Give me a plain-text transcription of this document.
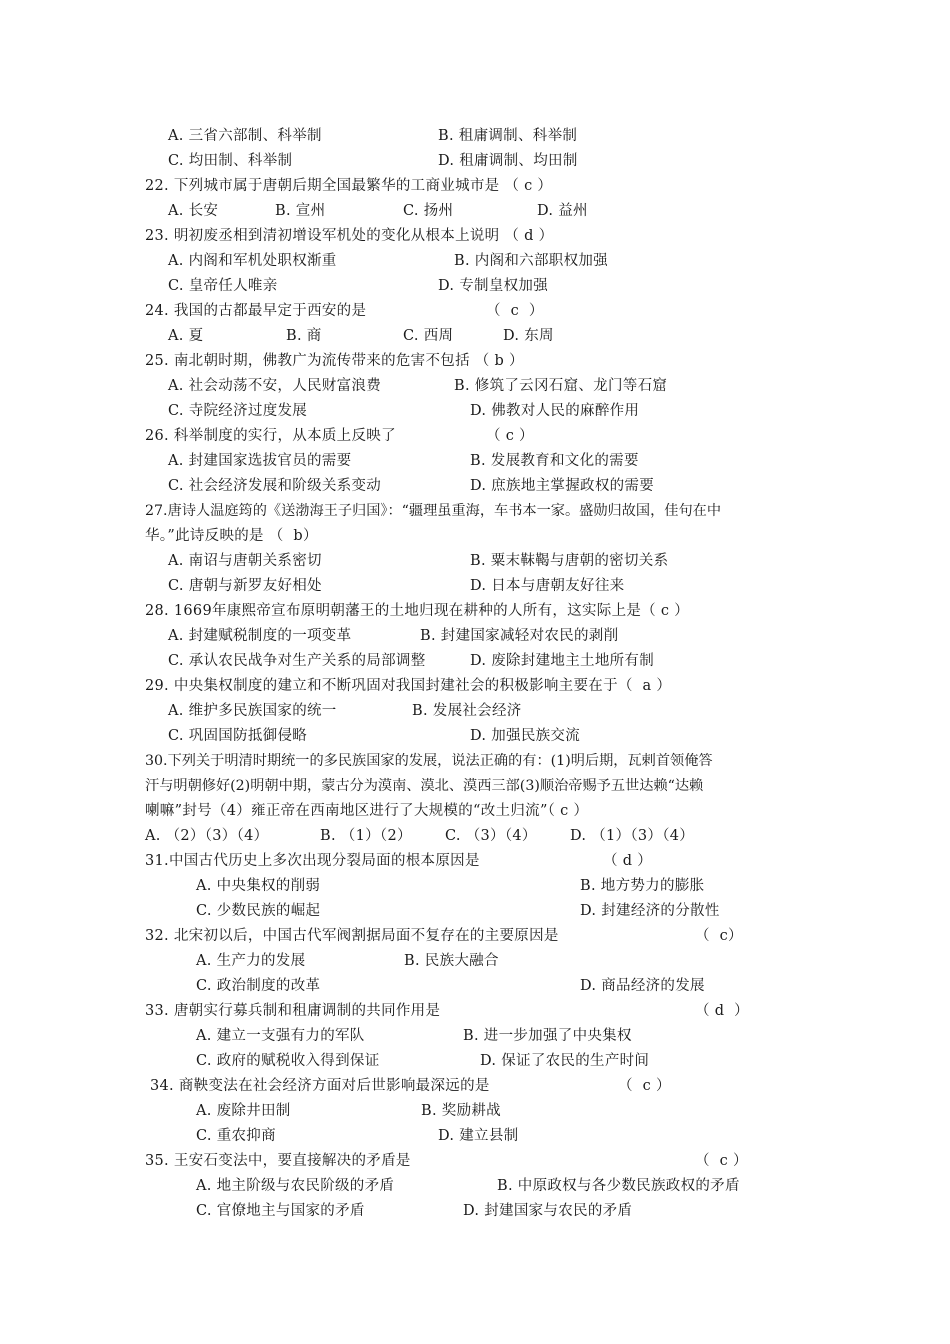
A. 三省六部制、科举制	B. 租庸调制、科举制
C. 均田制、科举制	D. 租庸调制、均田制
22. 下列城市属于唐朝后期全国最繁华的工商业城市是 （ c ）
A. 长安	B. 宣州	C. 扬州	D. 益州
23. 明初废丞相到清初增设军机处的变化从根本上说明 （ d ）
A. 内阁和军机处职权渐重	B. 内阁和六部职权加强
C. 皇帝任人唯亲	D. 专制皇权加强
24. 我国的古都最早定于西安的是	（  c  ）
A. 夏	B. 商	C. 西周	D. 东周
25. 南北朝时期，佛教广为流传带来的危害不包括 （ b ）
A. 社会动荡不安，人民财富浪费	B. 修筑了云冈石窟、龙门等石窟
C. 寺院经济过度发展	D. 佛教对人民的麻醉作用
26. 科举制度的实行，从本质上反映了	（ c ）
A. 封建国家选拔官员的需要	B. 发展教育和文化的需要
C. 社会经济发展和阶级关系变动	D. 庶族地主掌握政权的需要
27.唐诗人温庭筠的《送渤海王子归国》：“疆理虽重海，车书本一家。盛勋归故国，佳句在中
华。”此诗反映的是 （  b）
A. 南诏与唐朝关系密切	B. 粟末靺鞨与唐朝的密切关系
C. 唐朝与新罗友好相处	D. 日本与唐朝友好往来
28. 1669年康熙帝宣布原明朝藩王的土地归现在耕种的人所有，这实际上是（ c ）
A. 封建赋税制度的一项变革	B. 封建国家减轻对农民的剥削
C. 承认农民战争对生产关系的局部调整	D. 废除封建地主土地所有制
29. 中央集权制度的建立和不断巩固对我国封建社会的积极影响主要在于（  a ）
A. 维护多民族国家的统一	B. 发展社会经济
C. 巩固国防抵御侵略	D. 加强民族交流
30.下列关于明清时期统一的多民族国家的发展，说法正确的有：(1)明后期，瓦剌首领俺答
汗与明朝修好(2)明朝中期，蒙古分为漠南、漠北、漠西三部(3)顺治帝赐予五世达赖“达赖
喇嘛”封号（4）雍正帝在西南地区进行了大规模的“改土归流”（ c ）
A. （2）（3）（4）	B. （1）（2） C. （3）（4） D. （1）（3）（4）
31.中国古代历史上多次出现分裂局面的根本原因是	（ d ）
A. 中央集权的削弱	B. 地方势力的膨胀
C. 少数民族的崛起	D. 封建经济的分散性
32. 北宋初以后，中国古代军阀割据局面不复存在的主要原因是	（  c）
A. 生产力的发展	B. 民族大融合
C. 政治制度的改革	D. 商品经济的发展
33. 唐朝实行募兵制和租庸调制的共同作用是	（ d  ）
A. 建立一支强有力的军队	B. 进一步加强了中央集权
C. 政府的赋税收入得到保证	D. 保证了农民的生产时间
34. 商鞅变法在社会经济方面对后世影响最深远的是	（  c ）
A. 废除井田制	B. 奖励耕战
C. 重农抑商	D. 建立县制
35. 王安石变法中，要直接解决的矛盾是	（  c ）
A. 地主阶级与农民阶级的矛盾	B. 中原政权与各少数民族政权的矛盾
C. 官僚地主与国家的矛盾	D. 封建国家与农民的矛盾
